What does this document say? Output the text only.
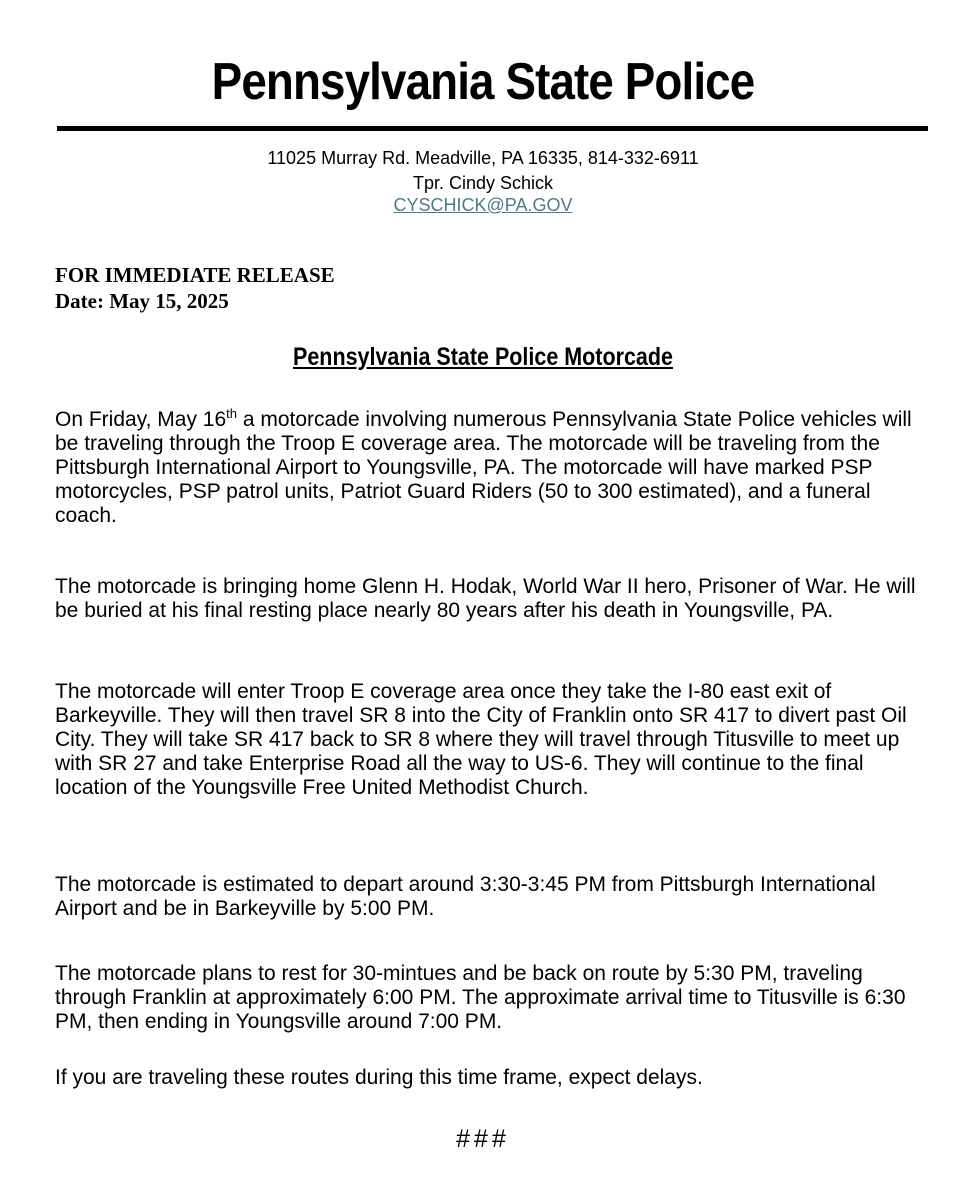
Pennsylvania State Police
11025 Murray Rd. Meadville, PA 16335, 814-332-6911
Tpr. Cindy Schick
CYSCHICK@PA.GOV
FOR IMMEDIATE RELEASE
Date: May 15, 2025
Pennsylvania State Police Motorcade
On Friday, May 16th a motorcade involving numerous Pennsylvania State Police vehicles will be traveling through the Troop E coverage area. The motorcade will be traveling from the Pittsburgh International Airport to Youngsville, PA. The motorcade will have marked PSP motorcycles, PSP patrol units, Patriot Guard Riders (50 to 300 estimated), and a funeral coach.
The motorcade is bringing home Glenn H. Hodak, World War II hero, Prisoner of War. He will be buried at his final resting place nearly 80 years after his death in Youngsville, PA.
The motorcade will enter Troop E coverage area once they take the I-80 east exit of Barkeyville. They will then travel SR 8 into the City of Franklin onto SR 417 to divert past Oil City. They will take SR 417 back to SR 8 where they will travel through Titusville to meet up with SR 27 and take Enterprise Road all the way to US-6. They will continue to the final location of the Youngsville Free United Methodist Church.
The motorcade is estimated to depart around 3:30-3:45 PM from Pittsburgh International Airport and be in Barkeyville by 5:00 PM.
The motorcade plans to rest for 30-mintues and be back on route by 5:30 PM, traveling through Franklin at approximately 6:00 PM. The approximate arrival time to Titusville is 6:30 PM, then ending in Youngsville around 7:00 PM.
If you are traveling these routes during this time frame, expect delays.
###
